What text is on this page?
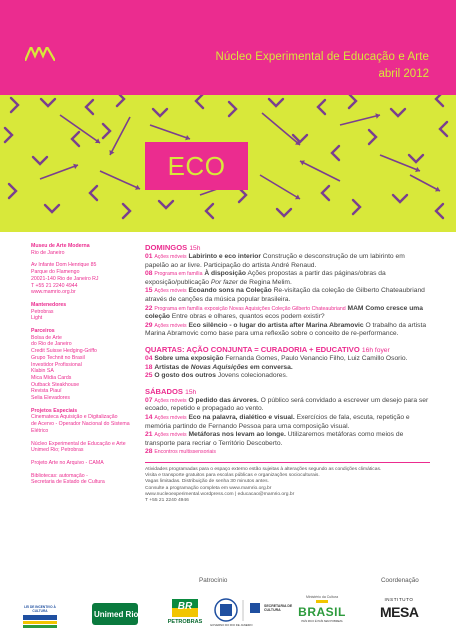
Núcleo Experimental de Educação e Arte
abril 2012
ECO
Museu de Arte Moderna
Rio de Janeiro
Av Infante Dom Henrique 85
Parque do Flamengo
20021-140 Rio de Janeiro RJ
T +55 21 2240 4944
www.mamrio.org.br
Mantenedores
Petrobras
Light
Parceiros
Bolsa de Arte
do Rio de Janeiro
Credit Suisse Hedging-Griffo
Grupo Technit no Brasil
Investidor Profissional
Klabin SA
Mica Mídia Cards
Outback Steakhouse
Revista Piauí
Selia Elevadores
Projetos Especiais
Cinemateca Aquisição e Digitalização
de Acervo - Operador Nacional do Sistema
Elétrico
Núcleo Experimental de Educação e Arte
Unimed Rio; Petrobras
Projeto Arte no Arquivo - CAMA
Bibliotecas: automação -
Secretaria de Estado de Cultura
DOMINGOS 15h

01 Ações móveis Labirinto e eco interior Construção e desconstrução de um labirinto em papelão ao ar livre. Participação do artista André Renaud.

08 Programa em família À disposição Ações propostas a partir das páginas/obras da exposição/publicação Por fazer de Regina Melim.

15 Ações móveis Ecoando sons na Coleção Re-visitação da coleção de Gilberto Chateaubriand através de canções da música popular brasileira.

22 Programa em família exposição Novas Aquisições Coleção Gilberto Chateaubriand MAM Como cresce uma coleção Entre obras e olhares, quantos ecos podem existir?

29 Ações móveis Eco silêncio - o lugar do artista after Marina Abramovic O trabalho da artista Marina Abramovic como base para uma reflexão sobre o conceito de re-performance.

QUARTAS: AÇÃO CONJUNTA = CURADORIA + EDUCATIVO 16h foyer

04 Sobre uma exposição Fernanda Gomes, Paulo Venancio Filho, Luiz Camillo Osorio.

18 Artistas de Novas Aquisições em conversa.

25 O gosto dos outros Jovens colecionadores.

SÁBADOS 15h

07 Ações móveis O pedido das árvores. O público será convidado a escrever um desejo para ser ecoado, repetido e propagado ao vento.

14 Ações móveis Eco na palavra, dialético e visual. Exercícios de fala, escuta, repetição e memória partindo de Fernando Pessoa para uma composição visual.

21 Ações móveis Metáforas nos levam ao longe. Utilizaremos metáforas como meios de transporte para recriar o Território Descoberto.

28 Encontros multissensoriais

Atividades programadas para o espaço externo estão sujeitas à alterações segundo as condições climáticas.
Visita e transporte gratuitos para escolas públicas e organizações socioculturais.
Vagas limitadas. Distribuição de senha 30 minutos antes.
Consulte a programação completa em www.mamrio.org.br
www.nucleoexperimental.wordpress.com | educacao@mamrio.org.br
T +55 21 2240 4946
Patrocínio	Coordenação
LEI DE INCENTIVO À CULTURA	Unimed Rio
BR
PETROBRAS
SECRETARIA DE CULTURA
GOVERNO DO RIO DE JANEIRO
Ministério da Cultura
BRASIL
PAÍS RICO É PAÍS SEM POBREZA
INSTITUTO
MESA
